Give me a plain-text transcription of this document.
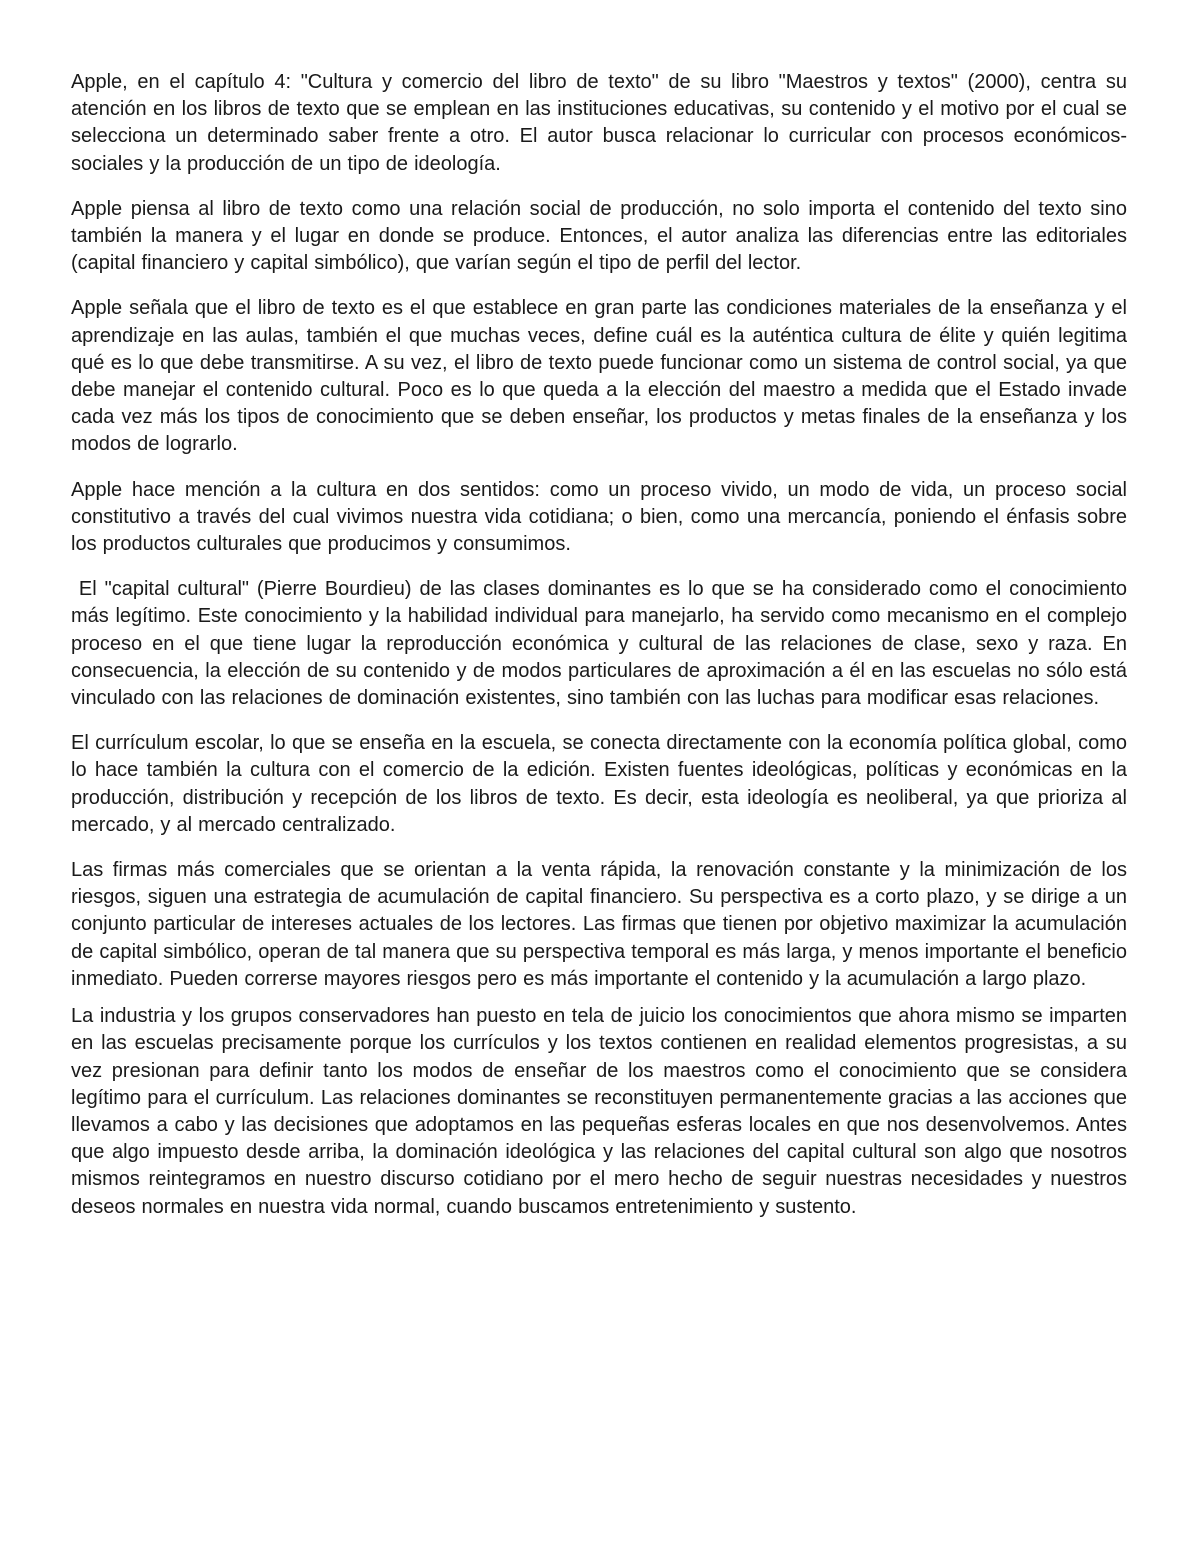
Apple, en el capítulo 4: "Cultura y comercio del libro de texto" de su libro "Maestros y textos" (2000), centra su atención en los libros de texto que se emplean en las instituciones educativas, su contenido y el motivo por el cual se selecciona un determinado saber frente a otro. El autor busca relacionar lo curricular con procesos económicos-sociales y la producción de un tipo de ideología.

Apple piensa al libro de texto como una relación social de producción, no solo importa el contenido del texto sino también la manera y el lugar en donde se produce. Entonces, el autor analiza las diferencias entre las editoriales (capital financiero y capital simbólico), que varían según el tipo de perfil del lector.

Apple señala que el libro de texto es el que establece en gran parte las condiciones materiales de la enseñanza y el aprendizaje en las aulas, también el que muchas veces, define cuál es la auténtica cultura de élite y quién legitima qué es lo que debe transmitirse. A su vez, el libro de texto puede funcionar como un sistema de control social, ya que debe manejar el contenido cultural. Poco es lo que queda a la elección del maestro a medida que el Estado invade cada vez más los tipos de conocimiento que se deben enseñar, los productos y metas finales de la enseñanza y los modos de lograrlo.

Apple hace mención a la cultura en dos sentidos: como un proceso vivido, un modo de vida, un proceso social constitutivo a través del cual vivimos nuestra vida cotidiana; o bien, como una mercancía, poniendo el énfasis sobre los productos culturales que producimos y consumimos.

El "capital cultural" (Pierre Bourdieu) de las clases dominantes es lo que se ha considerado como el conocimiento más legítimo. Este conocimiento y la habilidad individual para manejarlo, ha servido como mecanismo en el complejo proceso en el que tiene lugar la reproducción económica y cultural de las relaciones de clase, sexo y raza. En consecuencia, la elección de su contenido y de modos particulares de aproximación a él en las escuelas no sólo está vinculado con las relaciones de dominación existentes, sino también con las luchas para modificar esas relaciones.

El currículum escolar, lo que se enseña en la escuela, se conecta directamente con la economía política global, como lo hace también la cultura con el comercio de la edición. Existen fuentes ideológicas, políticas y económicas en la producción, distribución y recepción de los libros de texto. Es decir, esta ideología es neoliberal, ya que prioriza al mercado, y al mercado centralizado.

Las firmas más comerciales que se orientan a la venta rápida, la renovación constante y la minimización de los riesgos, siguen una estrategia de acumulación de capital financiero. Su perspectiva es a corto plazo, y se dirige a un conjunto particular de intereses actuales de los lectores. Las firmas que tienen por objetivo maximizar la acumulación de capital simbólico, operan de tal manera que su perspectiva temporal es más larga, y menos importante el beneficio inmediato. Pueden correrse mayores riesgos pero es más importante el contenido y la acumulación a largo plazo.

La industria y los grupos conservadores han puesto en tela de juicio los conocimientos que ahora mismo se imparten en las escuelas precisamente porque los currículos y los textos contienen en realidad elementos progresistas, a su vez presionan para definir tanto los modos de enseñar de los maestros como el conocimiento que se considera legítimo para el currículum. Las relaciones dominantes se reconstituyen permanentemente gracias a las acciones que llevamos a cabo y las decisiones que adoptamos en las pequeñas esferas locales en que nos desenvolvemos. Antes que algo impuesto desde arriba, la dominación ideológica y las relaciones del capital cultural son algo que nosotros mismos reintegramos en nuestro discurso cotidiano por el mero hecho de seguir nuestras necesidades y nuestros deseos normales en nuestra vida normal, cuando buscamos entretenimiento y sustento.
